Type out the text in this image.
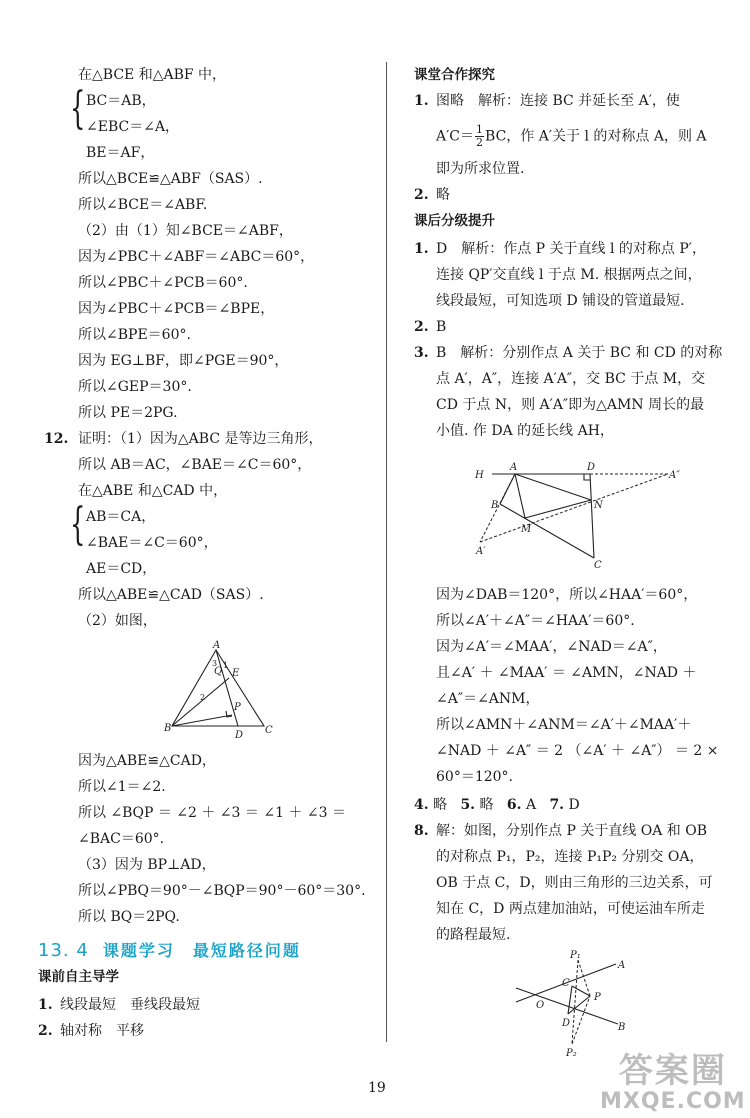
在△BCE 和△ABF 中，
{ BC＝AB，
∠EBC＝∠A，
BE＝AF，
所以△BCE≌△ABF（SAS）.
所以∠BCE＝∠ABF.
（2）由（1）知∠BCE＝∠ABF，
因为∠PBC＋∠ABF＝∠ABC＝60°，
所以∠PBC＋∠PCB＝60°.
因为∠PBC＋∠PCB＝∠BPE，
所以∠BPE＝60°.
因为 EG⊥BF，即∠PGE＝90°，
所以∠GEP＝30°.
所以 PE＝2PG.
12. 证明：（1）因为△ABC 是等边三角形，
所以 AB＝AC，∠BAE＝∠C＝60°，
在△ABE 和△CAD 中，
{ AB＝CA，
∠BAE＝∠C＝60°，
AE＝CD，
所以△ABE≌△CAD（SAS）.
（2）如图，
A
B	C
D
E
P
Q
1
2
3
因为△ABE≌△CAD，
所以∠1＝∠2.
所以 ∠BQP ＝ ∠2 ＋ ∠3 ＝ ∠1 ＋ ∠3 ＝
∠BAC＝60°.
（3）因为 BP⊥AD，
所以∠PBQ＝90°－∠BQP＝90°－60°＝30°.
所以 BQ＝2PQ.
13. 4 课题学习　最短路径问题
课前自主导学
1. 线段最短　垂线段最短
2. 轴对称　平移
课堂合作探究
1. 图略　解析：连接 BC 并延长至 A′，使
$A'C= \frac{1}{2}$ BC，作 A′关于 l 的对称点 A，则 A
即为所求位置.
2. 略
课后分级提升
1. D　解析：作点 P 关于直线 l 的对称点 P′，
连接 QP′交直线 l 于点 M. 根据两点之间，
线段最短，可知选项 D 铺设的管道最短.
2. B
3. B　解析：分别作点 A 关于 BC 和 CD 的对称
点 A′，A″，连接 A′A″，交 BC 于点 M，交
CD 于点 N，则 A′A″即为△AMN 周长的最
小值. 作 DA 的延长线 AH，
H
A	D
A″
B	N
M
A′
C
因为∠DAB＝120°，所以∠HAA′＝60°，
所以∠A′＋∠A″＝∠HAA′＝60°.
因为∠A′＝∠MAA′，∠NAD＝∠A″，
且∠A′ ＋ ∠MAA′ ＝ ∠AMN，∠NAD ＋
∠A″＝∠ANM，
所以∠AMN＋∠ANM＝∠A′＋∠MAA′＋
∠NAD ＋ ∠A″ ＝ 2 （∠A′ ＋ ∠A″） ＝ 2 ×
60°＝120°.
4. 略 5. 略 6. A 7. D
8. 解：如图，分别作点 P 关于直线 OA 和 OB
的对称点 P₁，P₂，连接 P₁P₂ 分别交 OA，
OB 于点 C，D，则由三角形的三边关系，可
知在 C，D 两点建加油站，可使运油车所走
的路程最短.
P₁
A
C
P
O
D	B
P₂
19	答案圈
MXQE.COM
